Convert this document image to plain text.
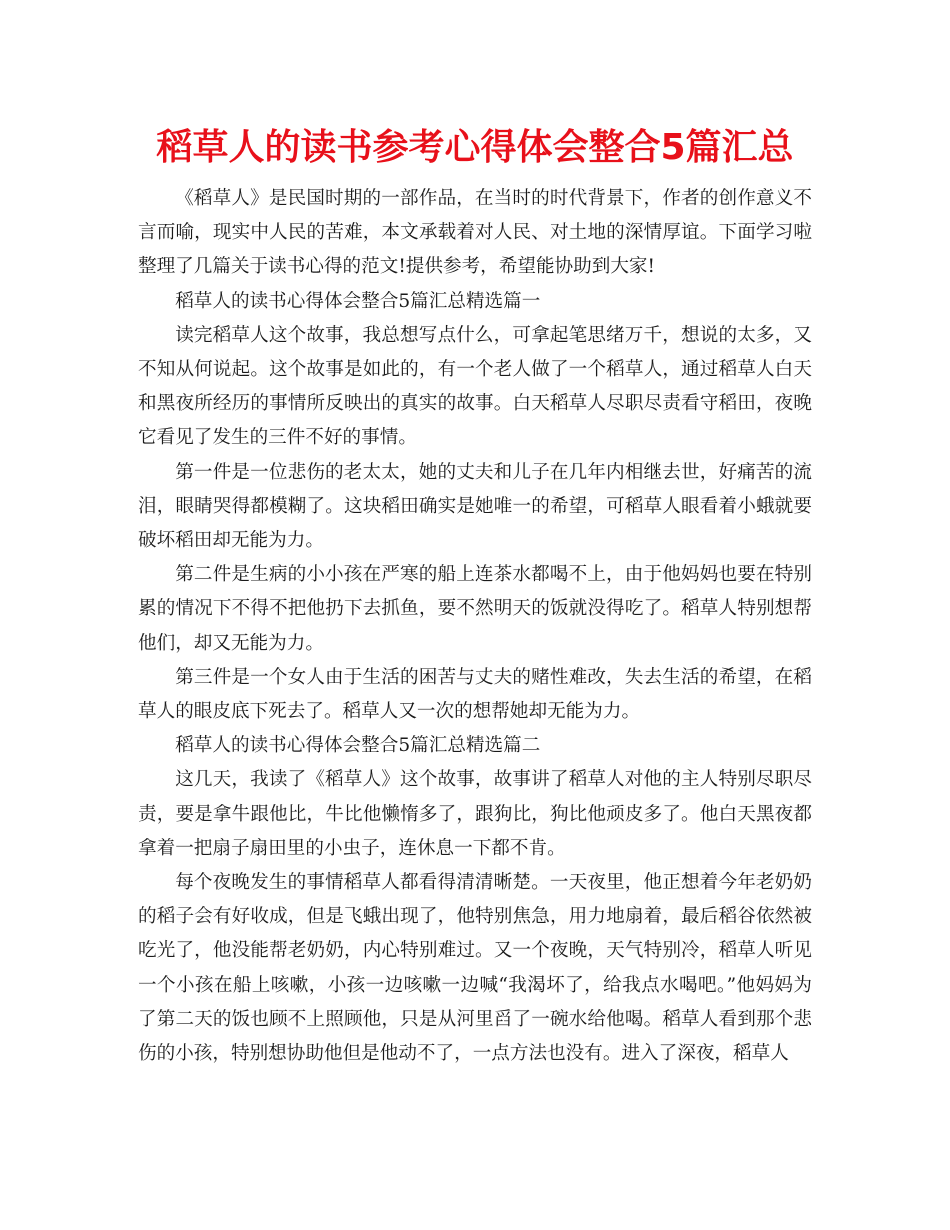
稻草人的读书参考心得体会整合5篇汇总

《稻草人》是民国时期的一部作品，在当时的时代背景下，作者的创作意义不言而喻，现实中人民的苦难，本文承载着对人民、对土地的深情厚谊。下面学习啦整理了几篇关于读书心得的范文!提供参考，希望能协助到大家!

稻草人的读书心得体会整合5篇汇总精选篇一

读完稻草人这个故事，我总想写点什么，可拿起笔思绪万千，想说的太多，又不知从何说起。这个故事是如此的，有一个老人做了一个稻草人，通过稻草人白天和黑夜所经历的事情所反映出的真实的故事。白天稻草人尽职尽责看守稻田，夜晚它看见了发生的三件不好的事情。

第一件是一位悲伤的老太太，她的丈夫和儿子在几年内相继去世，好痛苦的流泪，眼睛哭得都模糊了。这块稻田确实是她唯一的希望，可稻草人眼看着小蛾就要破坏稻田却无能为力。

第二件是生病的小小孩在严寒的船上连茶水都喝不上，由于他妈妈也要在特别累的情况下不得不把他扔下去抓鱼，要不然明天的饭就没得吃了。稻草人特别想帮他们，却又无能为力。

第三件是一个女人由于生活的困苦与丈夫的赌性难改，失去生活的希望，在稻草人的眼皮底下死去了。稻草人又一次的想帮她却无能为力。

稻草人的读书心得体会整合5篇汇总精选篇二

这几天，我读了《稻草人》这个故事，故事讲了稻草人对他的主人特别尽职尽责，要是拿牛跟他比，牛比他懒惰多了，跟狗比，狗比他顽皮多了。他白天黑夜都拿着一把扇子扇田里的小虫子，连休息一下都不肯。

每个夜晚发生的事情稻草人都看得清清晰楚。一天夜里，他正想着今年老奶奶的稻子会有好收成，但是飞蛾出现了，他特别焦急，用力地扇着，最后稻谷依然被吃光了，他没能帮老奶奶，内心特别难过。又一个夜晚，天气特别冷，稻草人听见一个小孩在船上咳嗽，小孩一边咳嗽一边喊“我渴坏了，给我点水喝吧。”他妈妈为了第二天的饭也顾不上照顾他，只是从河里舀了一碗水给他喝。稻草人看到那个悲伤的小孩，特别想协助他但是他动不了，一点方法也没有。进入了深夜，稻草人
